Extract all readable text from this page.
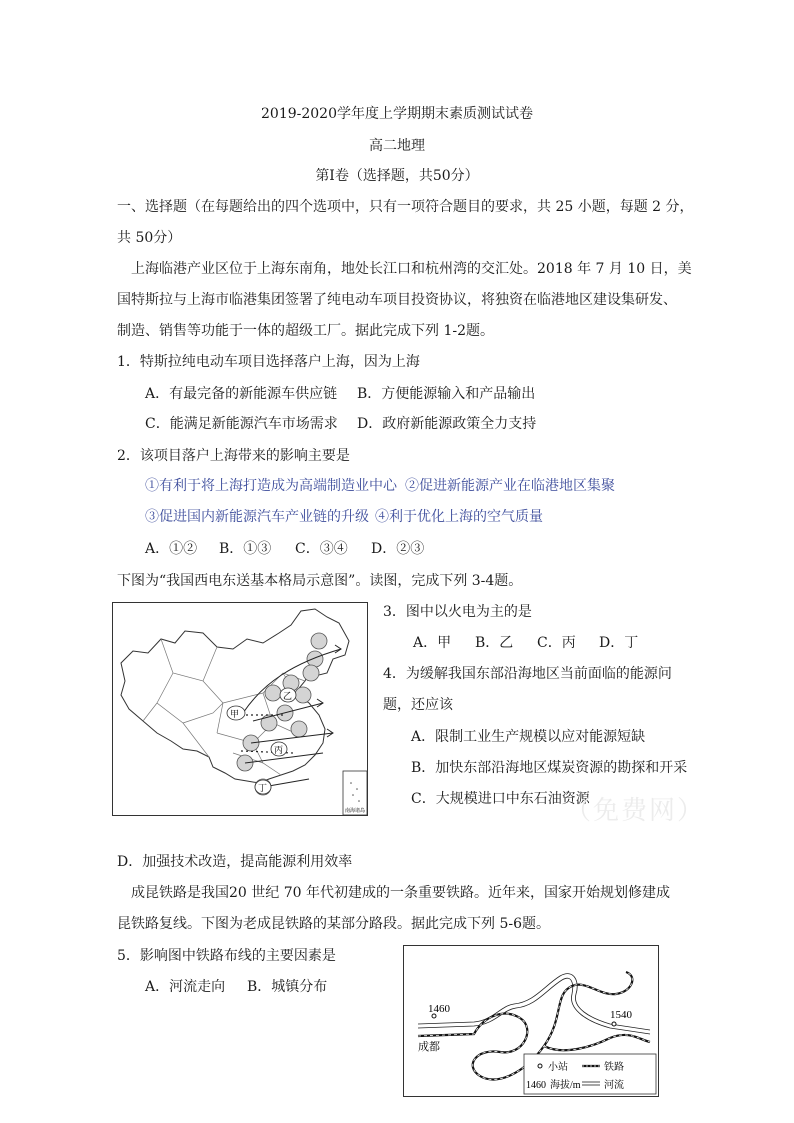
2019-2020学年度上学期期末素质测试试卷
高二地理
第Ⅰ卷（选择题，共50分）
一、选择题（在每题给出的四个选项中，只有一项符合题目的要求，共 25 小题，每题 2 分，
共 50分）
上海临港产业区位于上海东南角，地处长江口和杭州湾的交汇处。2018 年 7 月 10 日，美
国特斯拉与上海市临港集团签署了纯电动车项目投资协议，将独资在临港地区建设集研发、
制造、销售等功能于一体的超级工厂。据此完成下列 1-2题。
1．特斯拉纯电动车项目选择落户上海，因为上海
A．有最完备的新能源车供应链 B．方便能源输入和产品输出
C．能满足新能源汽车市场需求 D．政府新能源政策全力支持
2．该项目落户上海带来的影响主要是
①有利于将上海打造成为高端制造业中心 ②促进新能源产业在临港地区集聚
③促进国内新能源汽车产业链的升级 ④利于优化上海的空气质量
A．①② B．①③ C．③④ D．②③
下图为“我国西电东送基本格局示意图”。读图，完成下列 3-4题。
甲
乙
丙
丁
南海诸岛
3．图中以火电为主的是
A．甲 B．乙 C．丙 D．丁
4．为缓解我国东部沿海地区当前面临的能源问
题，还应该
A．限制工业生产规模以应对能源短缺
B．加快东部沿海地区煤炭资源的勘探和开采
C．大规模进口中东石油资源
（免费网）
D．加强技术改造，提高能源利用效率
成昆铁路是我国20 世纪 70 年代初建成的一条重要铁路。近年来，国家开始规划修建成
昆铁路复线。下图为老成昆铁路的某部分路段。据此完成下列 5-6题。
5．影响图中铁路布线的主要因素是
A．河流走向 B．城镇分布
1460	1540
成都
小站	铁路
1460 海拔/m 河流
